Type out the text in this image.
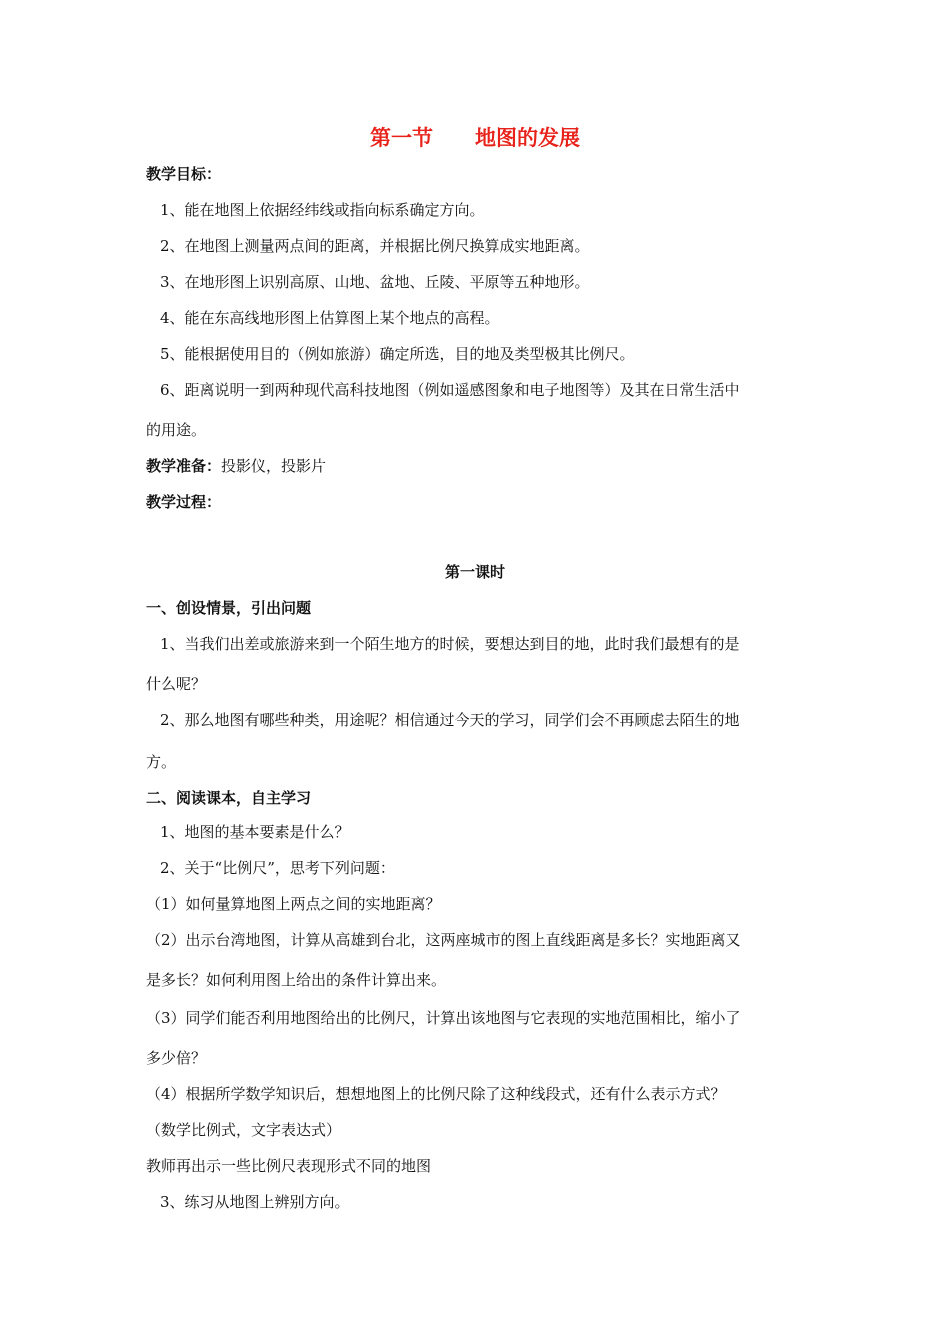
第一节　　地图的发展
教学目标：
1、能在地图上依据经纬线或指向标系确定方向。
2、在地图上测量两点间的距离，并根据比例尺换算成实地距离。
3、在地形图上识别高原、山地、盆地、丘陵、平原等五种地形。
4、能在东高线地形图上估算图上某个地点的高程。
5、能根据使用目的（例如旅游）确定所选，目的地及类型极其比例尺。
6、距离说明一到两种现代高科技地图（例如遥感图象和电子地图等）及其在日常生活中
的用途。
教学准备：投影仪，投影片
教学过程：
第一课时
一、创设情景，引出问题
1、当我们出差或旅游来到一个陌生地方的时候，要想达到目的地，此时我们最想有的是
什么呢？
2、那么地图有哪些种类，用途呢？相信通过今天的学习，同学们会不再顾虑去陌生的地
方。
二、阅读课本，自主学习
1、地图的基本要素是什么？
2、关于“比例尺”，思考下列问题：
（1）如何量算地图上两点之间的实地距离？
（2）出示台湾地图，计算从高雄到台北，这两座城市的图上直线距离是多长？实地距离又
是多长？如何利用图上给出的条件计算出来。
（3）同学们能否利用地图给出的比例尺，计算出该地图与它表现的实地范围相比，缩小了
多少倍？
（4）根据所学数学知识后，想想地图上的比例尺除了这种线段式，还有什么表示方式？
（数学比例式，文字表达式）
教师再出示一些比例尺表现形式不同的地图
3、练习从地图上辨别方向。
